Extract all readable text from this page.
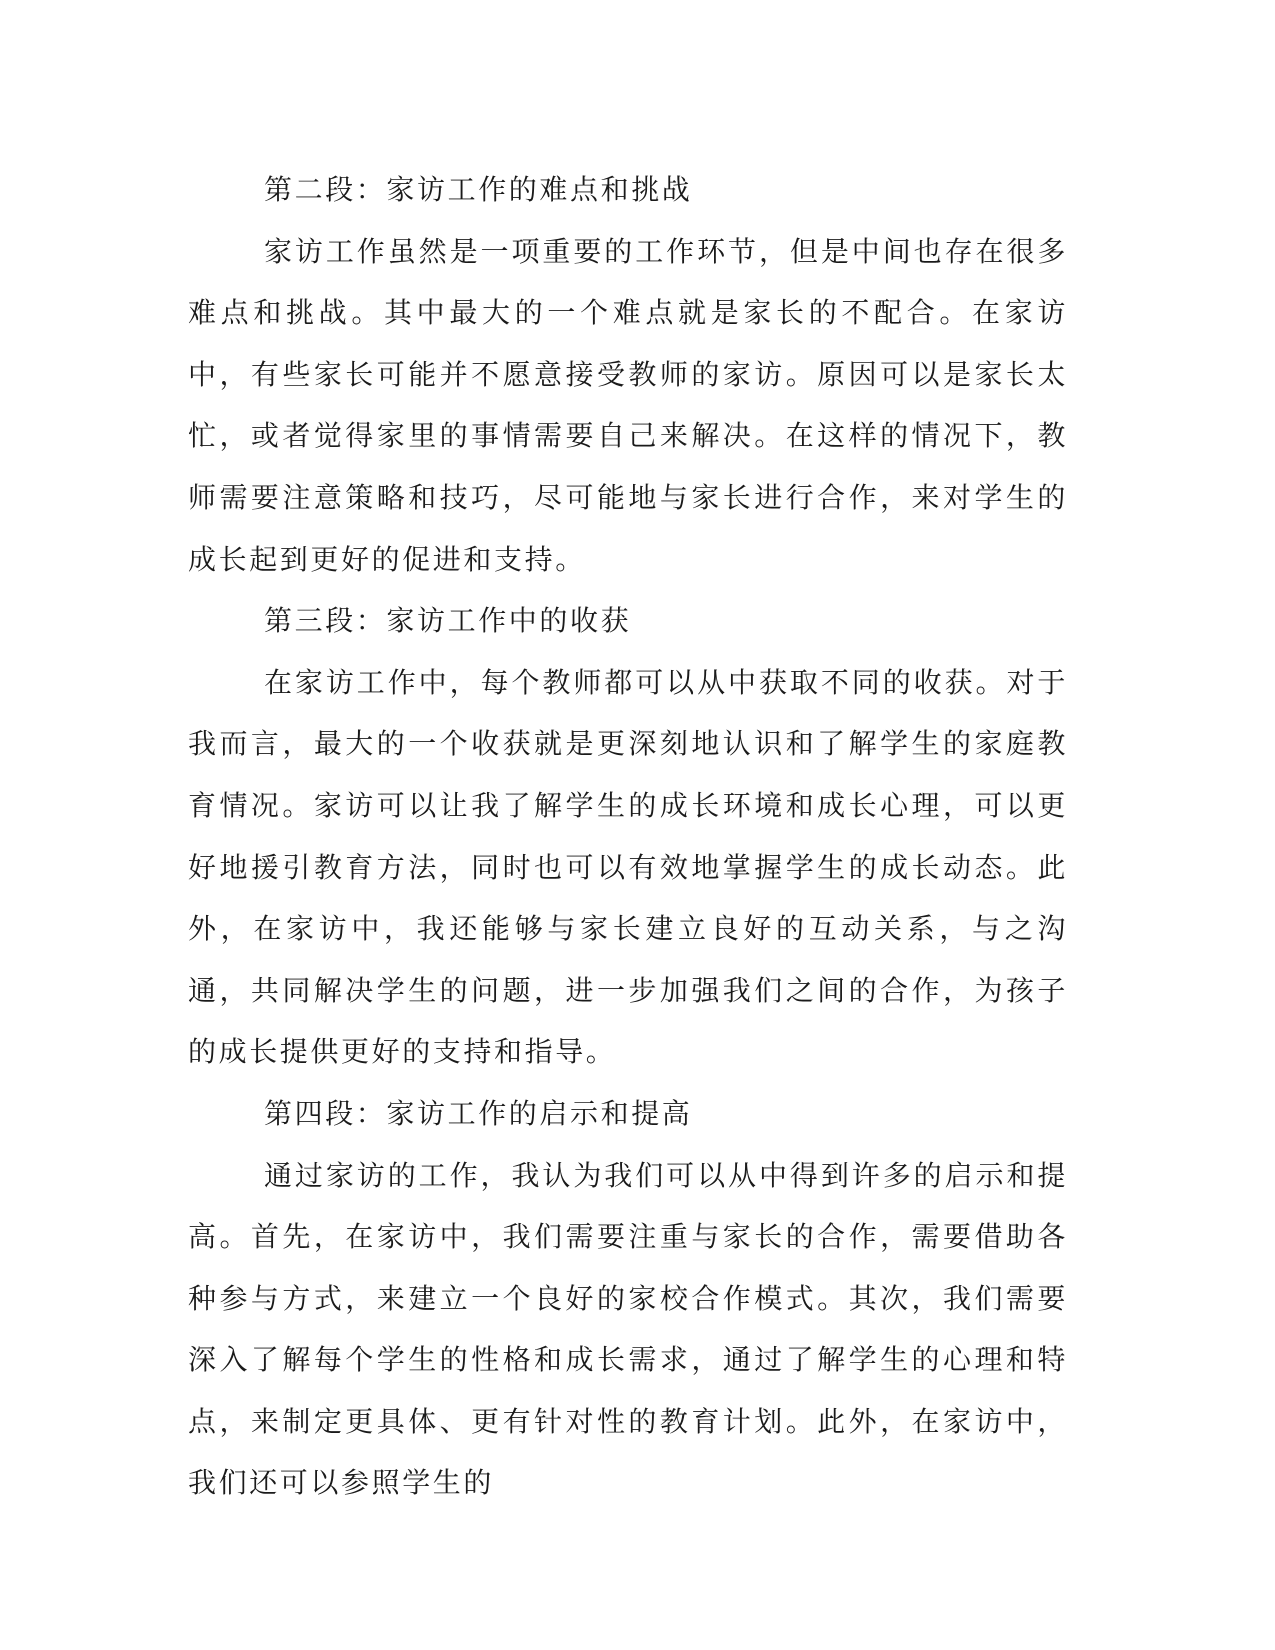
第二段：家访工作的难点和挑战

家访工作虽然是一项重要的工作环节，但是中间也存在很多难点和挑战。其中最大的一个难点就是家长的不配合。在家访中，有些家长可能并不愿意接受教师的家访。原因可以是家长太忙，或者觉得家里的事情需要自己来解决。在这样的情况下，教师需要注意策略和技巧，尽可能地与家长进行合作，来对学生的成长起到更好的促进和支持。

第三段：家访工作中的收获

在家访工作中，每个教师都可以从中获取不同的收获。对于我而言，最大的一个收获就是更深刻地认识和了解学生的家庭教育情况。家访可以让我了解学生的成长环境和成长心理，可以更好地援引教育方法，同时也可以有效地掌握学生的成长动态。此外，在家访中，我还能够与家长建立良好的互动关系，与之沟通，共同解决学生的问题，进一步加强我们之间的合作，为孩子的成长提供更好的支持和指导。

第四段：家访工作的启示和提高

通过家访的工作，我认为我们可以从中得到许多的启示和提高。首先，在家访中，我们需要注重与家长的合作，需要借助各种参与方式，来建立一个良好的家校合作模式。其次，我们需要深入了解每个学生的性格和成长需求，通过了解学生的心理和特点，来制定更具体、更有针对性的教育计划。此外，在家访中，我们还可以参照学生的
